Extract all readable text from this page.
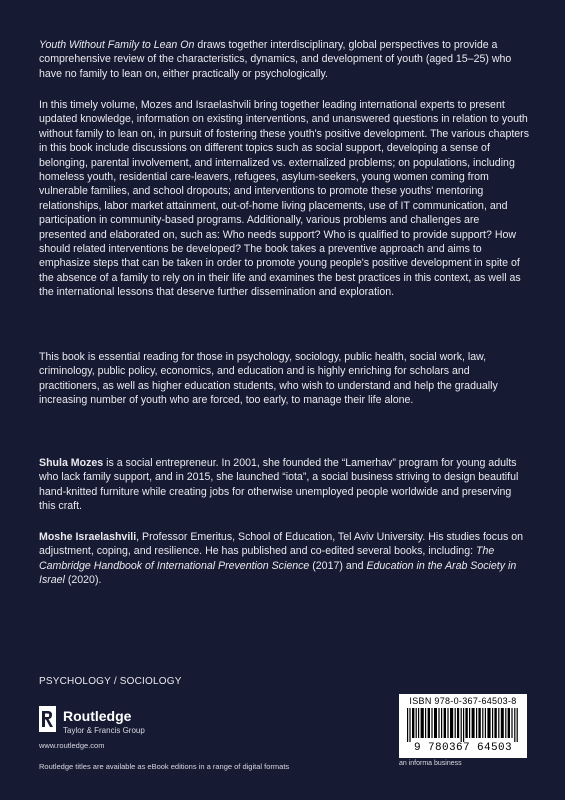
Youth Without Family to Lean On draws together interdisciplinary, global perspectives to provide a comprehensive review of the characteristics, dynamics, and development of youth (aged 15–25) who have no family to lean on, either practically or psychologically.

In this timely volume, Mozes and Israelashvili bring together leading international experts to present updated knowledge, information on existing interventions, and unanswered questions in relation to youth without family to lean on, in pursuit of fostering these youth's positive development. The various chapters in this book include discussions on different topics such as social support, developing a sense of belonging, parental involvement, and internalized vs. externalized problems; on populations, including homeless youth, residential care-leavers, refugees, asylum-seekers, young women coming from vulnerable families, and school dropouts; and interventions to promote these youths' mentoring relationships, labor market attainment, out-of-home living placements, use of IT communication, and participation in community-based programs. Additionally, various problems and challenges are presented and elaborated on, such as: Who needs support? Who is qualified to provide support? How should related interventions be developed? The book takes a preventive approach and aims to emphasize steps that can be taken in order to promote young people's positive development in spite of the absence of a family to rely on in their life and examines the best practices in this context, as well as the international lessons that deserve further dissemination and exploration.

This book is essential reading for those in psychology, sociology, public health, social work, law, criminology, public policy, economics, and education and is highly enriching for scholars and practitioners, as well as higher education students, who wish to understand and help the gradually increasing number of youth who are forced, too early, to manage their life alone.

Shula Mozes is a social entrepreneur. In 2001, she founded the “Lamerhav” program for young adults who lack family support, and in 2015, she launched “iota”, a social business striving to design beautiful hand-knitted furniture while creating jobs for otherwise unemployed people worldwide and preserving this craft.

Moshe Israelashvili, Professor Emeritus, School of Education, Tel Aviv University. His studies focus on adjustment, coping, and resilience. He has published and co-edited several books, including: The Cambridge Handbook of International Prevention Science (2017) and Education in the Arab Society in Israel (2020).

PSYCHOLOGY / SOCIOLOGY
Routledge
Taylor & Francis Group
www.routledge.com
Routledge titles are available as eBook editions in a range of digital formats
ISBN 978-0-367-64503-8
9 780367 64503
an informa business
